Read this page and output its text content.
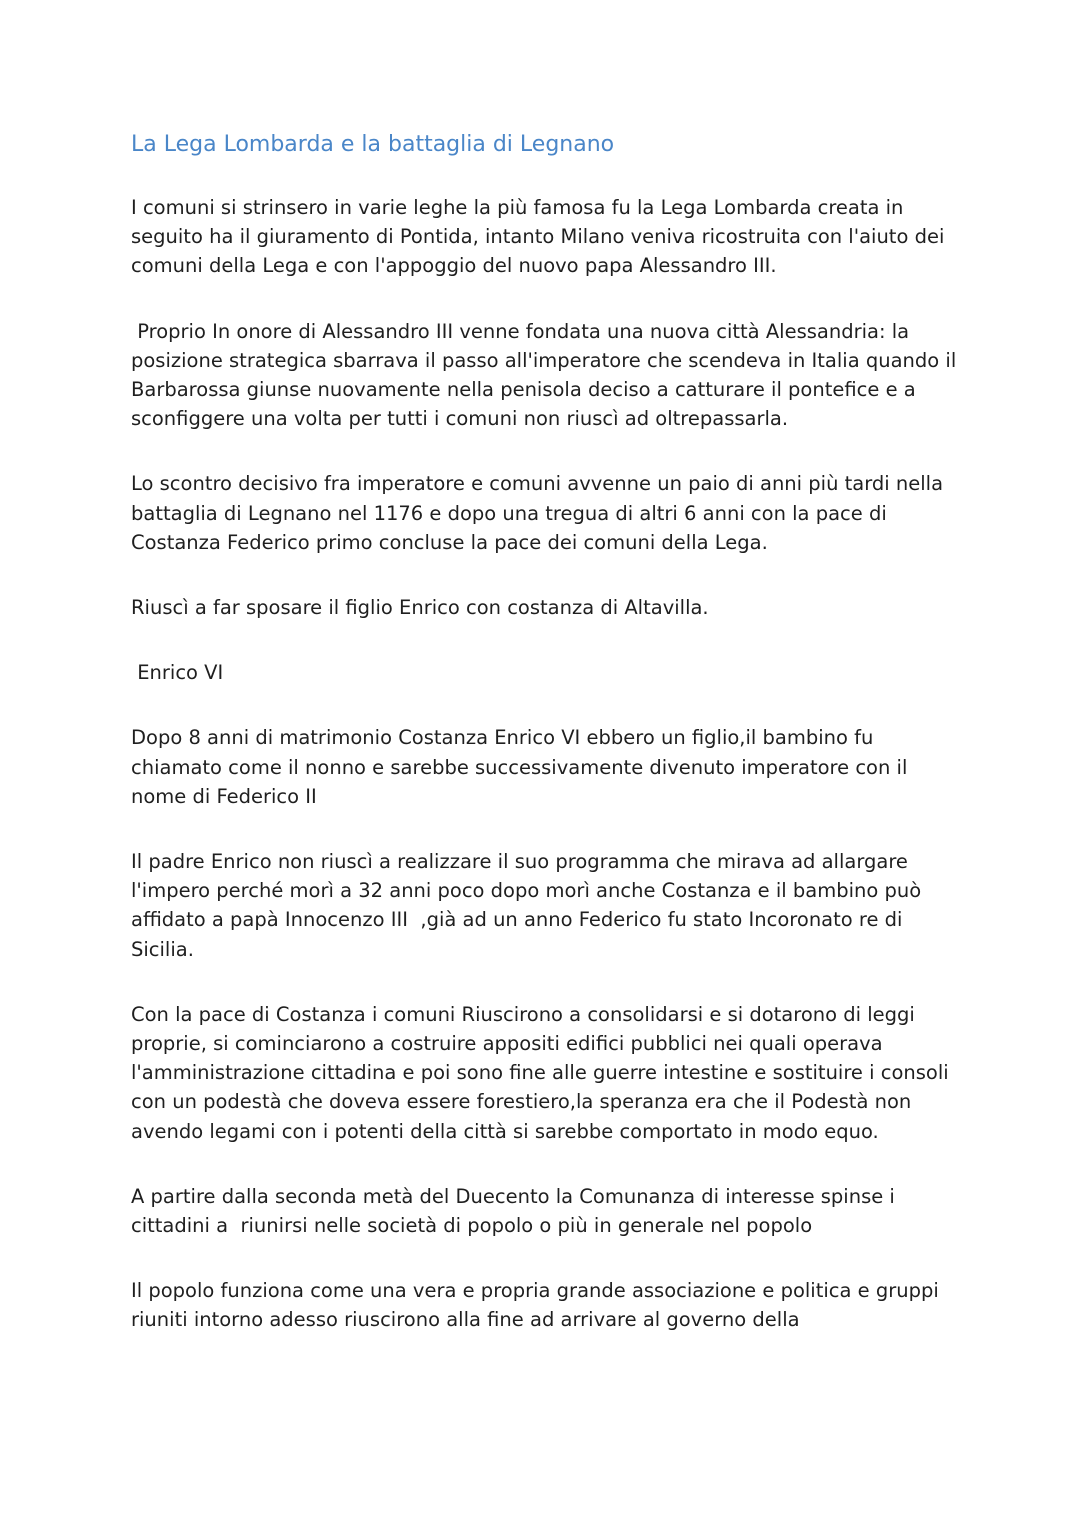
La Lega Lombarda e la battaglia di Legnano

I comuni si strinsero in varie leghe la più famosa fu la Lega Lombarda creata in seguito ha il giuramento di Pontida, intanto Milano veniva ricostruita con l'aiuto dei comuni della Lega e con l'appoggio del nuovo papa Alessandro III.

Proprio In onore di Alessandro III venne fondata una nuova città Alessandria: la posizione strategica sbarrava il passo all'imperatore che scendeva in Italia quando il Barbarossa giunse nuovamente nella penisola deciso a catturare il pontefice e a sconfiggere una volta per tutti i comuni non riuscì ad oltrepassarla.

Lo scontro decisivo fra imperatore e comuni avvenne un paio di anni più tardi nella battaglia di Legnano nel 1176 e dopo una tregua di altri 6 anni con la pace di Costanza Federico primo concluse la pace dei comuni della Lega.

Riuscì a far sposare il figlio Enrico con costanza di Altavilla.

Enrico VI

Dopo 8 anni di matrimonio Costanza Enrico VI ebbero un figlio,il bambino fu chiamato come il nonno e sarebbe successivamente divenuto imperatore con il nome di Federico II

Il padre Enrico non riuscì a realizzare il suo programma che mirava ad allargare l'impero perché morì a 32 anni poco dopo morì anche Costanza e il bambino può affidato a papà Innocenzo III  ,già ad un anno Federico fu stato Incoronato re di Sicilia.

Con la pace di Costanza i comuni Riuscirono a consolidarsi e si dotarono di leggi proprie, si cominciarono a costruire appositi edifici pubblici nei quali operava l'amministrazione cittadina e poi sono fine alle guerre intestine e sostituire i consoli con un podestà che doveva essere forestiero,la speranza era che il Podestà non avendo legami con i potenti della città si sarebbe comportato in modo equo.

A partire dalla seconda metà del Duecento la Comunanza di interesse spinse i cittadini a  riunirsi nelle società di popolo o più in generale nel popolo

Il popolo funziona come una vera e propria grande associazione e politica e gruppi riuniti intorno adesso riuscirono alla fine ad arrivare al governo della
